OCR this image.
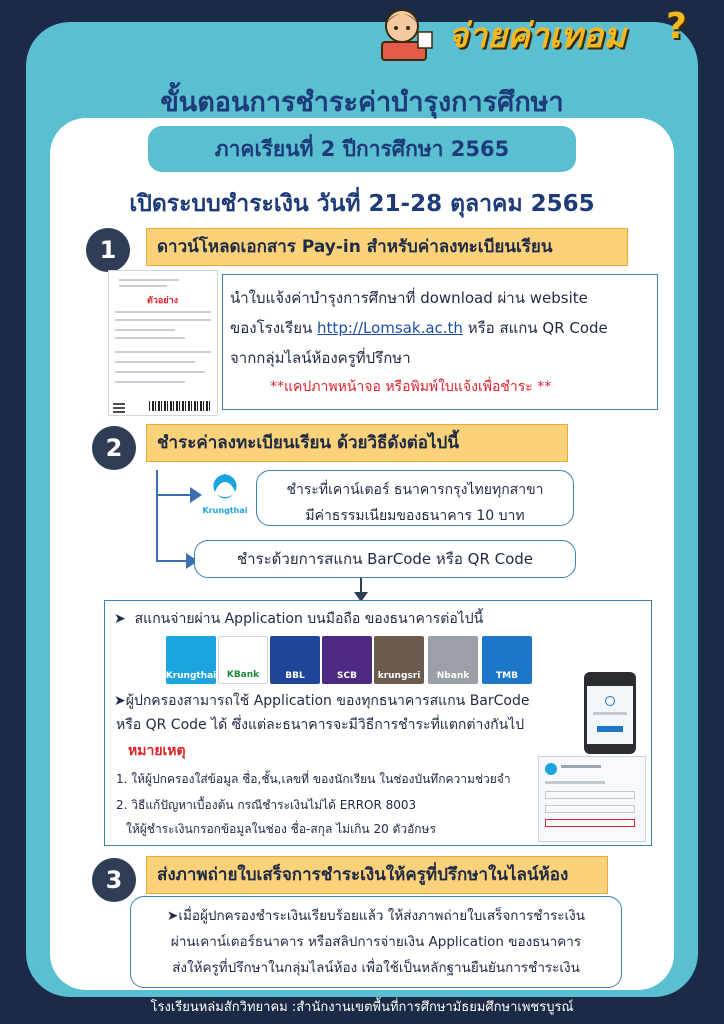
จ่ายค่าเทอม ?
ขั้นตอนการชำระค่าบำรุงการศึกษา
ภาคเรียนที่ 2 ปีการศึกษา 2565
เปิดระบบชำระเงิน วันที่ 21-28 ตุลาคม 2565
1	ดาวน์โหลดเอกสาร Pay-in สำหรับค่าลงทะเบียนเรียน
ตัวอย่าง	นำใบแจ้งค่าบำรุงการศึกษาที่ download ผ่าน website
ของโรงเรียน http://Lomsak.ac.th หรือ สแกน QR Code
จากกลุ่มไลน์ห้องครูที่ปรึกษา
**แคปภาพหน้าจอ หรือพิมพ์ใบแจ้งเพื่อชำระ **
2	ชำระค่าลงทะเบียนเรียน ด้วยวิธีดังต่อไปนี้
Krungthai
ชำระที่เคาน์เตอร์ ธนาคารกรุงไทยทุกสาขา
มีค่าธรรมเนียมของธนาคาร 10 บาท
ชำระด้วยการสแกน BarCode หรือ QR Code
➤  สแกนจ่ายผ่าน Application บนมือถือ ของธนาคารต่อไปนี้
Krungthai	KBank	BBL	SCB	krungsri	Nbank	TMB
➤ผู้ปกครองสามารถใช้ Application ของทุกธนาคารสแกน BarCode
หรือ QR Code ได้ ซึ่งแต่ละธนาคารจะมีวิธีการชำระที่แตกต่างกันไป
หมายเหตุ
1. ให้ผู้ปกครองใส่ข้อมูล ชื่อ,ชั้น,เลขที่ ของนักเรียน ในช่องบันทึกความช่วยจำ
2. วิธีแก้ปัญหาเบื้องต้น กรณีชำระเงินไม่ได้ ERROR 8003
ให้ผู้ชำระเงินกรอกข้อมูลในช่อง ชื่อ-สกุล ไม่เกิน 20 ตัวอักษร
3	ส่งภาพถ่ายใบเสร็จการชำระเงินให้ครูที่ปรึกษาในไลน์ห้อง
➤เมื่อผู้ปกครองชำระเงินเรียบร้อยแล้ว ให้ส่งภาพถ่ายใบเสร็จการชำระเงิน
ผ่านเคาน์เตอร์ธนาคาร หรือสลิปการจ่ายเงิน Application ของธนาคาร
ส่งให้ครูที่ปรึกษาในกลุ่มไลน์ห้อง เพื่อใช้เป็นหลักฐานยืนยันการชำระเงิน
โรงเรียนหล่มสักวิทยาคม :สำนักงานเขตพื้นที่การศึกษามัธยมศึกษาเพชรบูรณ์
